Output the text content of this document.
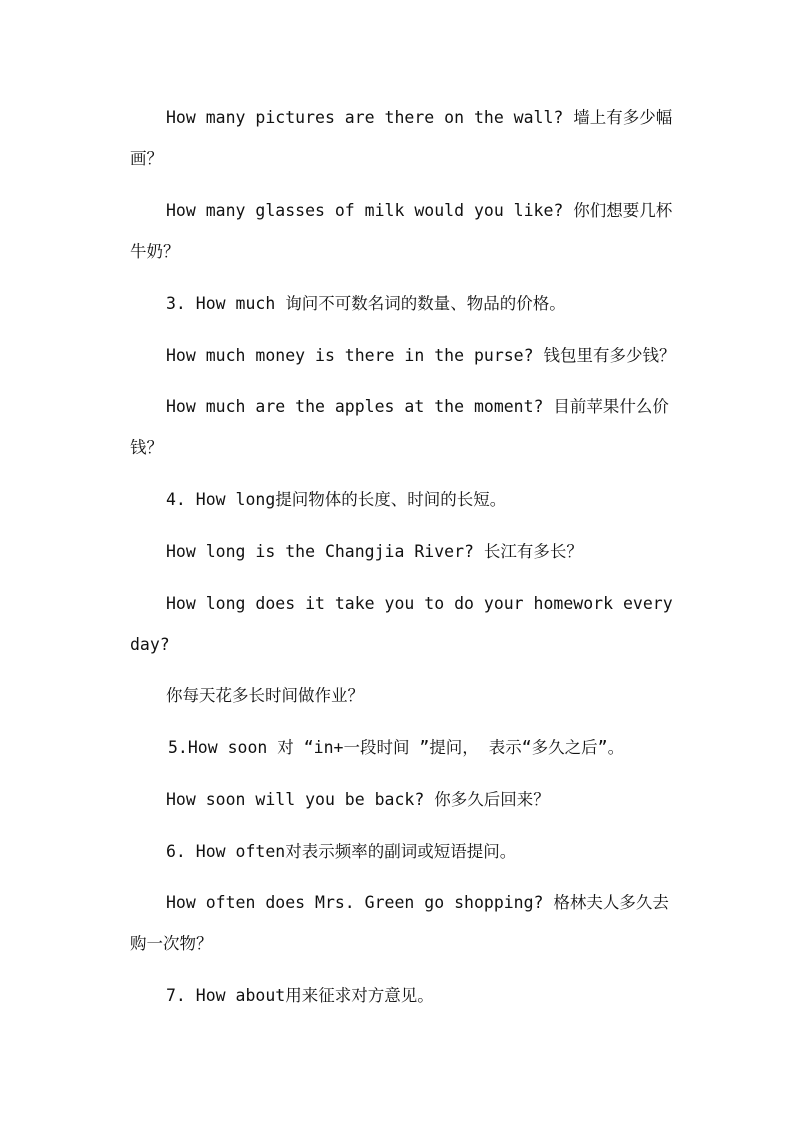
How many pictures are there on the wall? 墙上有多少幅
画？
How many glasses of milk would you like? 你们想要几杯
牛奶？
3. How much 询问不可数名词的数量、物品的价格。
How much money is there in the purse? 钱包里有多少钱？
How much are the apples at the moment? 目前苹果什么价
钱？
4. How long提问物体的长度、时间的长短。
How long is the Changjia River? 长江有多长？
How long does it take you to do your homework every
day?
你每天花多长时间做作业？
5.How soon 对 “in+一段时间 ”提问， 表示“多久之后”。
How soon will you be back? 你多久后回来？
6. How often对表示频率的副词或短语提问。
How often does Mrs. Green go shopping? 格林夫人多久去
购一次物？
7. How about用来征求对方意见。
